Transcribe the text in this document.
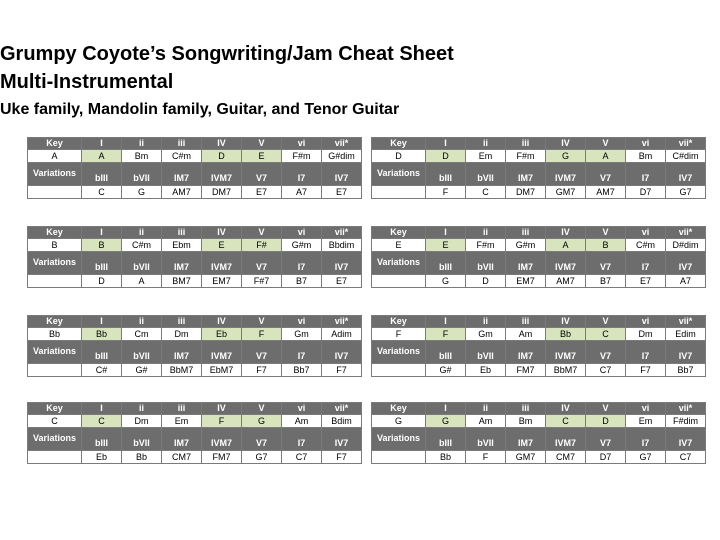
Grumpy Coyote’s Songwriting/Jam Cheat Sheet
Multi-Instrumental
Uke family, Mandolin family, Guitar, and Tenor Guitar
Key	I	ii	iii	IV	V	vi	vii*
A	A	Bm	C#m	D	E	F#m	G#dim
Variations	bIII	bVII	IM7	IVM7	V7	I7	IV7
	C	G	AM7	DM7	E7	A7	E7
Key	I	ii	iii	IV	V	vi	vii*
D	D	Em	F#m	G	A	Bm	C#dim
Variations	bIII	bVII	IM7	IVM7	V7	I7	IV7
	F	C	DM7	GM7	AM7	D7	G7
Key	I	ii	iii	IV	V	vi	vii*
B	B	C#m	Ebm	E	F#	G#m	Bbdim
Variations	bIII	bVII	IM7	IVM7	V7	I7	IV7
	D	A	BM7	EM7	F#7	B7	E7
Key	I	ii	iii	IV	V	vi	vii*
E	E	F#m	G#m	A	B	C#m	D#dim
Variations	bIII	bVII	IM7	IVM7	V7	I7	IV7
	G	D	EM7	AM7	B7	E7	A7
Key	I	ii	iii	IV	V	vi	vii*
Bb	Bb	Cm	Dm	Eb	F	Gm	Adim
Variations	bIII	bVII	IM7	IVM7	V7	I7	IV7
	C#	G#	BbM7	EbM7	F7	Bb7	F7
Key	I	ii	iii	IV	V	vi	vii*
F	F	Gm	Am	Bb	C	Dm	Edim
Variations	bIII	bVII	IM7	IVM7	V7	I7	IV7
	G#	Eb	FM7	BbM7	C7	F7	Bb7
Key	I	ii	iii	IV	V	vi	vii*
C	C	Dm	Em	F	G	Am	Bdim
Variations	bIII	bVII	IM7	IVM7	V7	I7	IV7
	Eb	Bb	CM7	FM7	G7	C7	F7
Key	I	ii	iii	IV	V	vi	vii*
G	G	Am	Bm	C	D	Em	F#dim
Variations	bIII	bVII	IM7	IVM7	V7	I7	IV7
	Bb	F	GM7	CM7	D7	G7	C7
